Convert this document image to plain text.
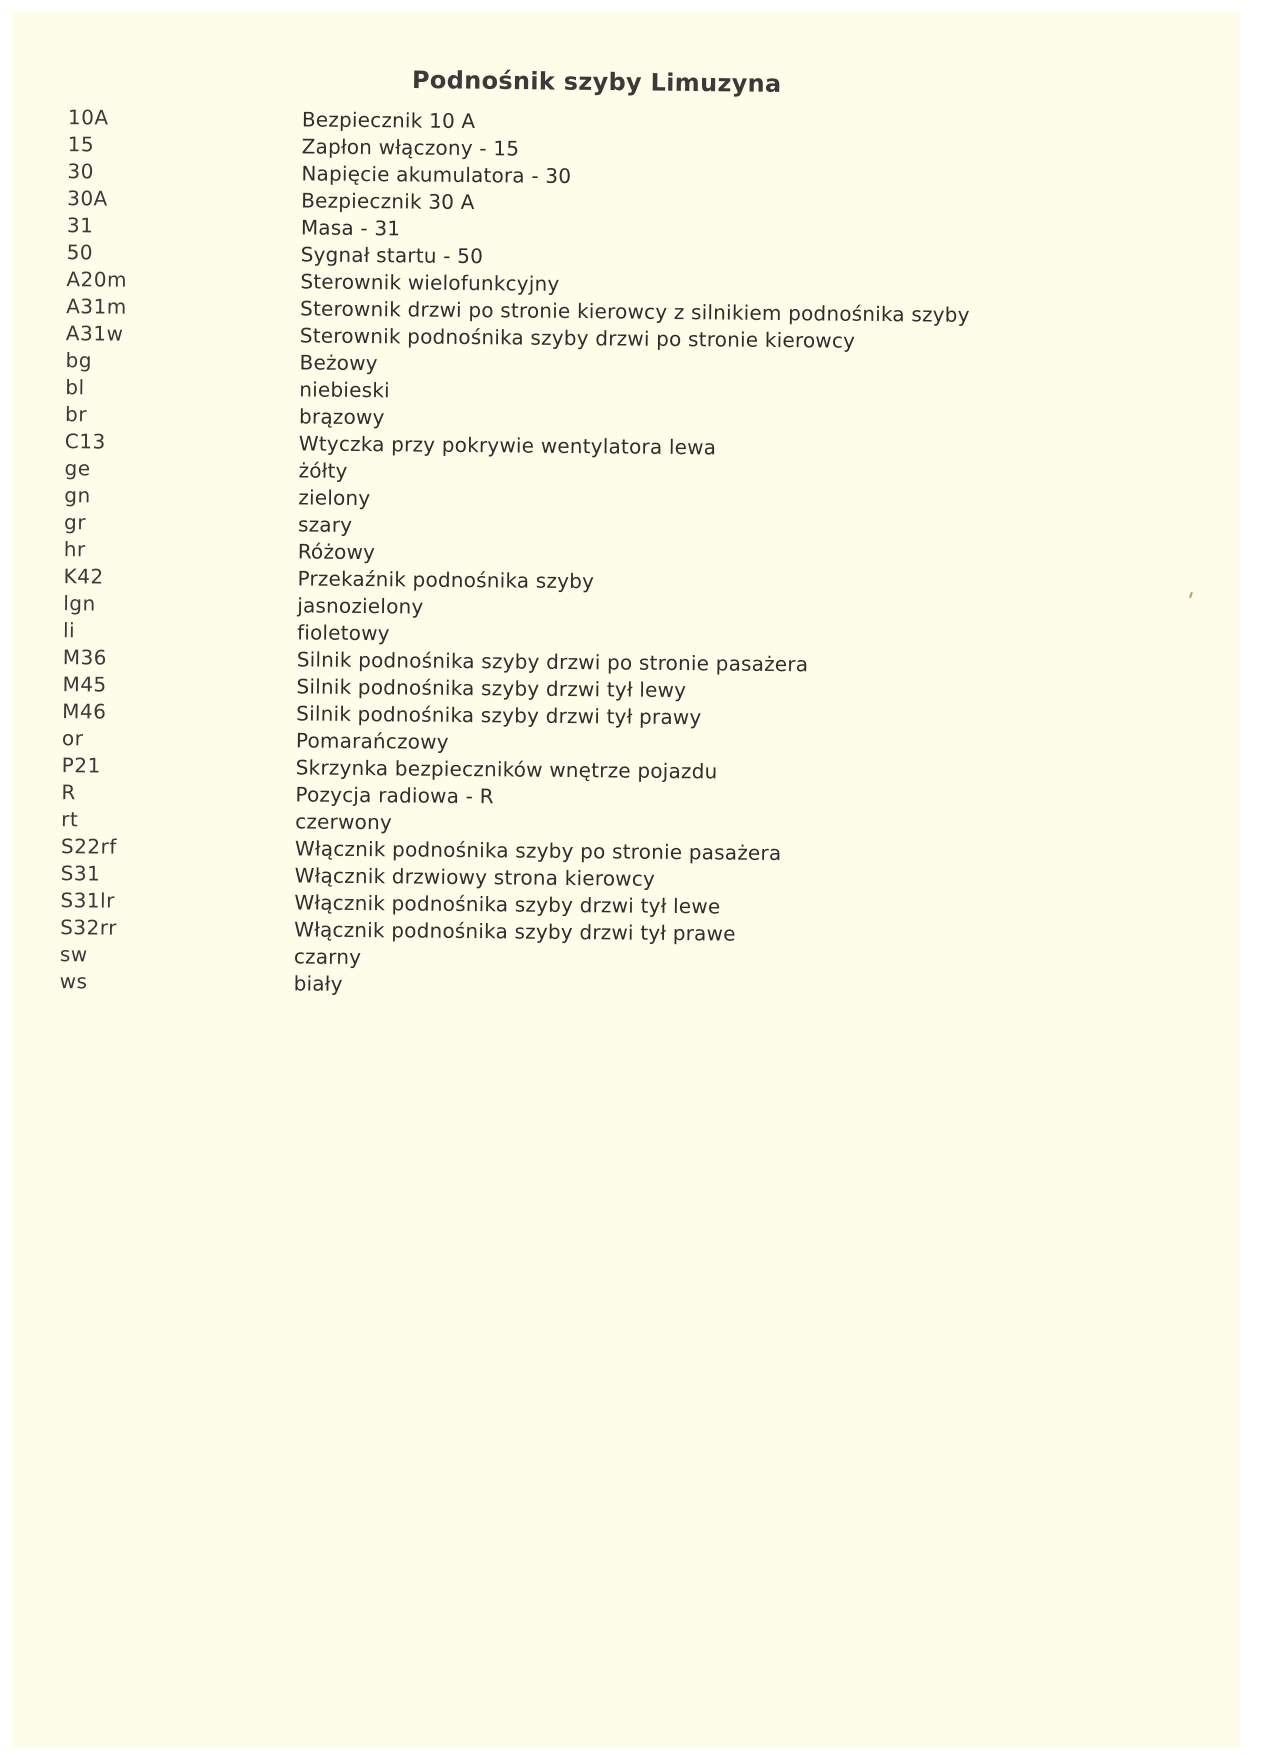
Podnośnik szyby Limuzyna
10A	Bezpiecznik 10 A
15	Zapłon włączony - 15
30	Napięcie akumulatora - 30
30A	Bezpiecznik 30 A
31	Masa - 31
50	Sygnał startu - 50
A20m	Sterownik wielofunkcyjny
A31m	Sterownik drzwi po stronie kierowcy z silnikiem podnośnika szyby
A31w	Sterownik podnośnika szyby drzwi po stronie kierowcy
bg	Beżowy
bl	niebieski
br	brązowy
C13	Wtyczka przy pokrywie wentylatora lewa
ge	żółty
gn	zielony
gr	szary
hr	Różowy
K42	Przekaźnik podnośnika szyby
lgn	jasnozielony
li	fioletowy
M36	Silnik podnośnika szyby drzwi po stronie pasażera
M45	Silnik podnośnika szyby drzwi tył lewy
M46	Silnik podnośnika szyby drzwi tył prawy
or	Pomarańczowy
P21	Skrzynka bezpieczników wnętrze pojazdu
R	Pozycja radiowa - R
rt	czerwony
S22rf	Włącznik podnośnika szyby po stronie pasażera
S31	Włącznik drzwiowy strona kierowcy
S31lr	Włącznik podnośnika szyby drzwi tył lewe
S32rr	Włącznik podnośnika szyby drzwi tył prawe
sw	czarny
ws	biały
